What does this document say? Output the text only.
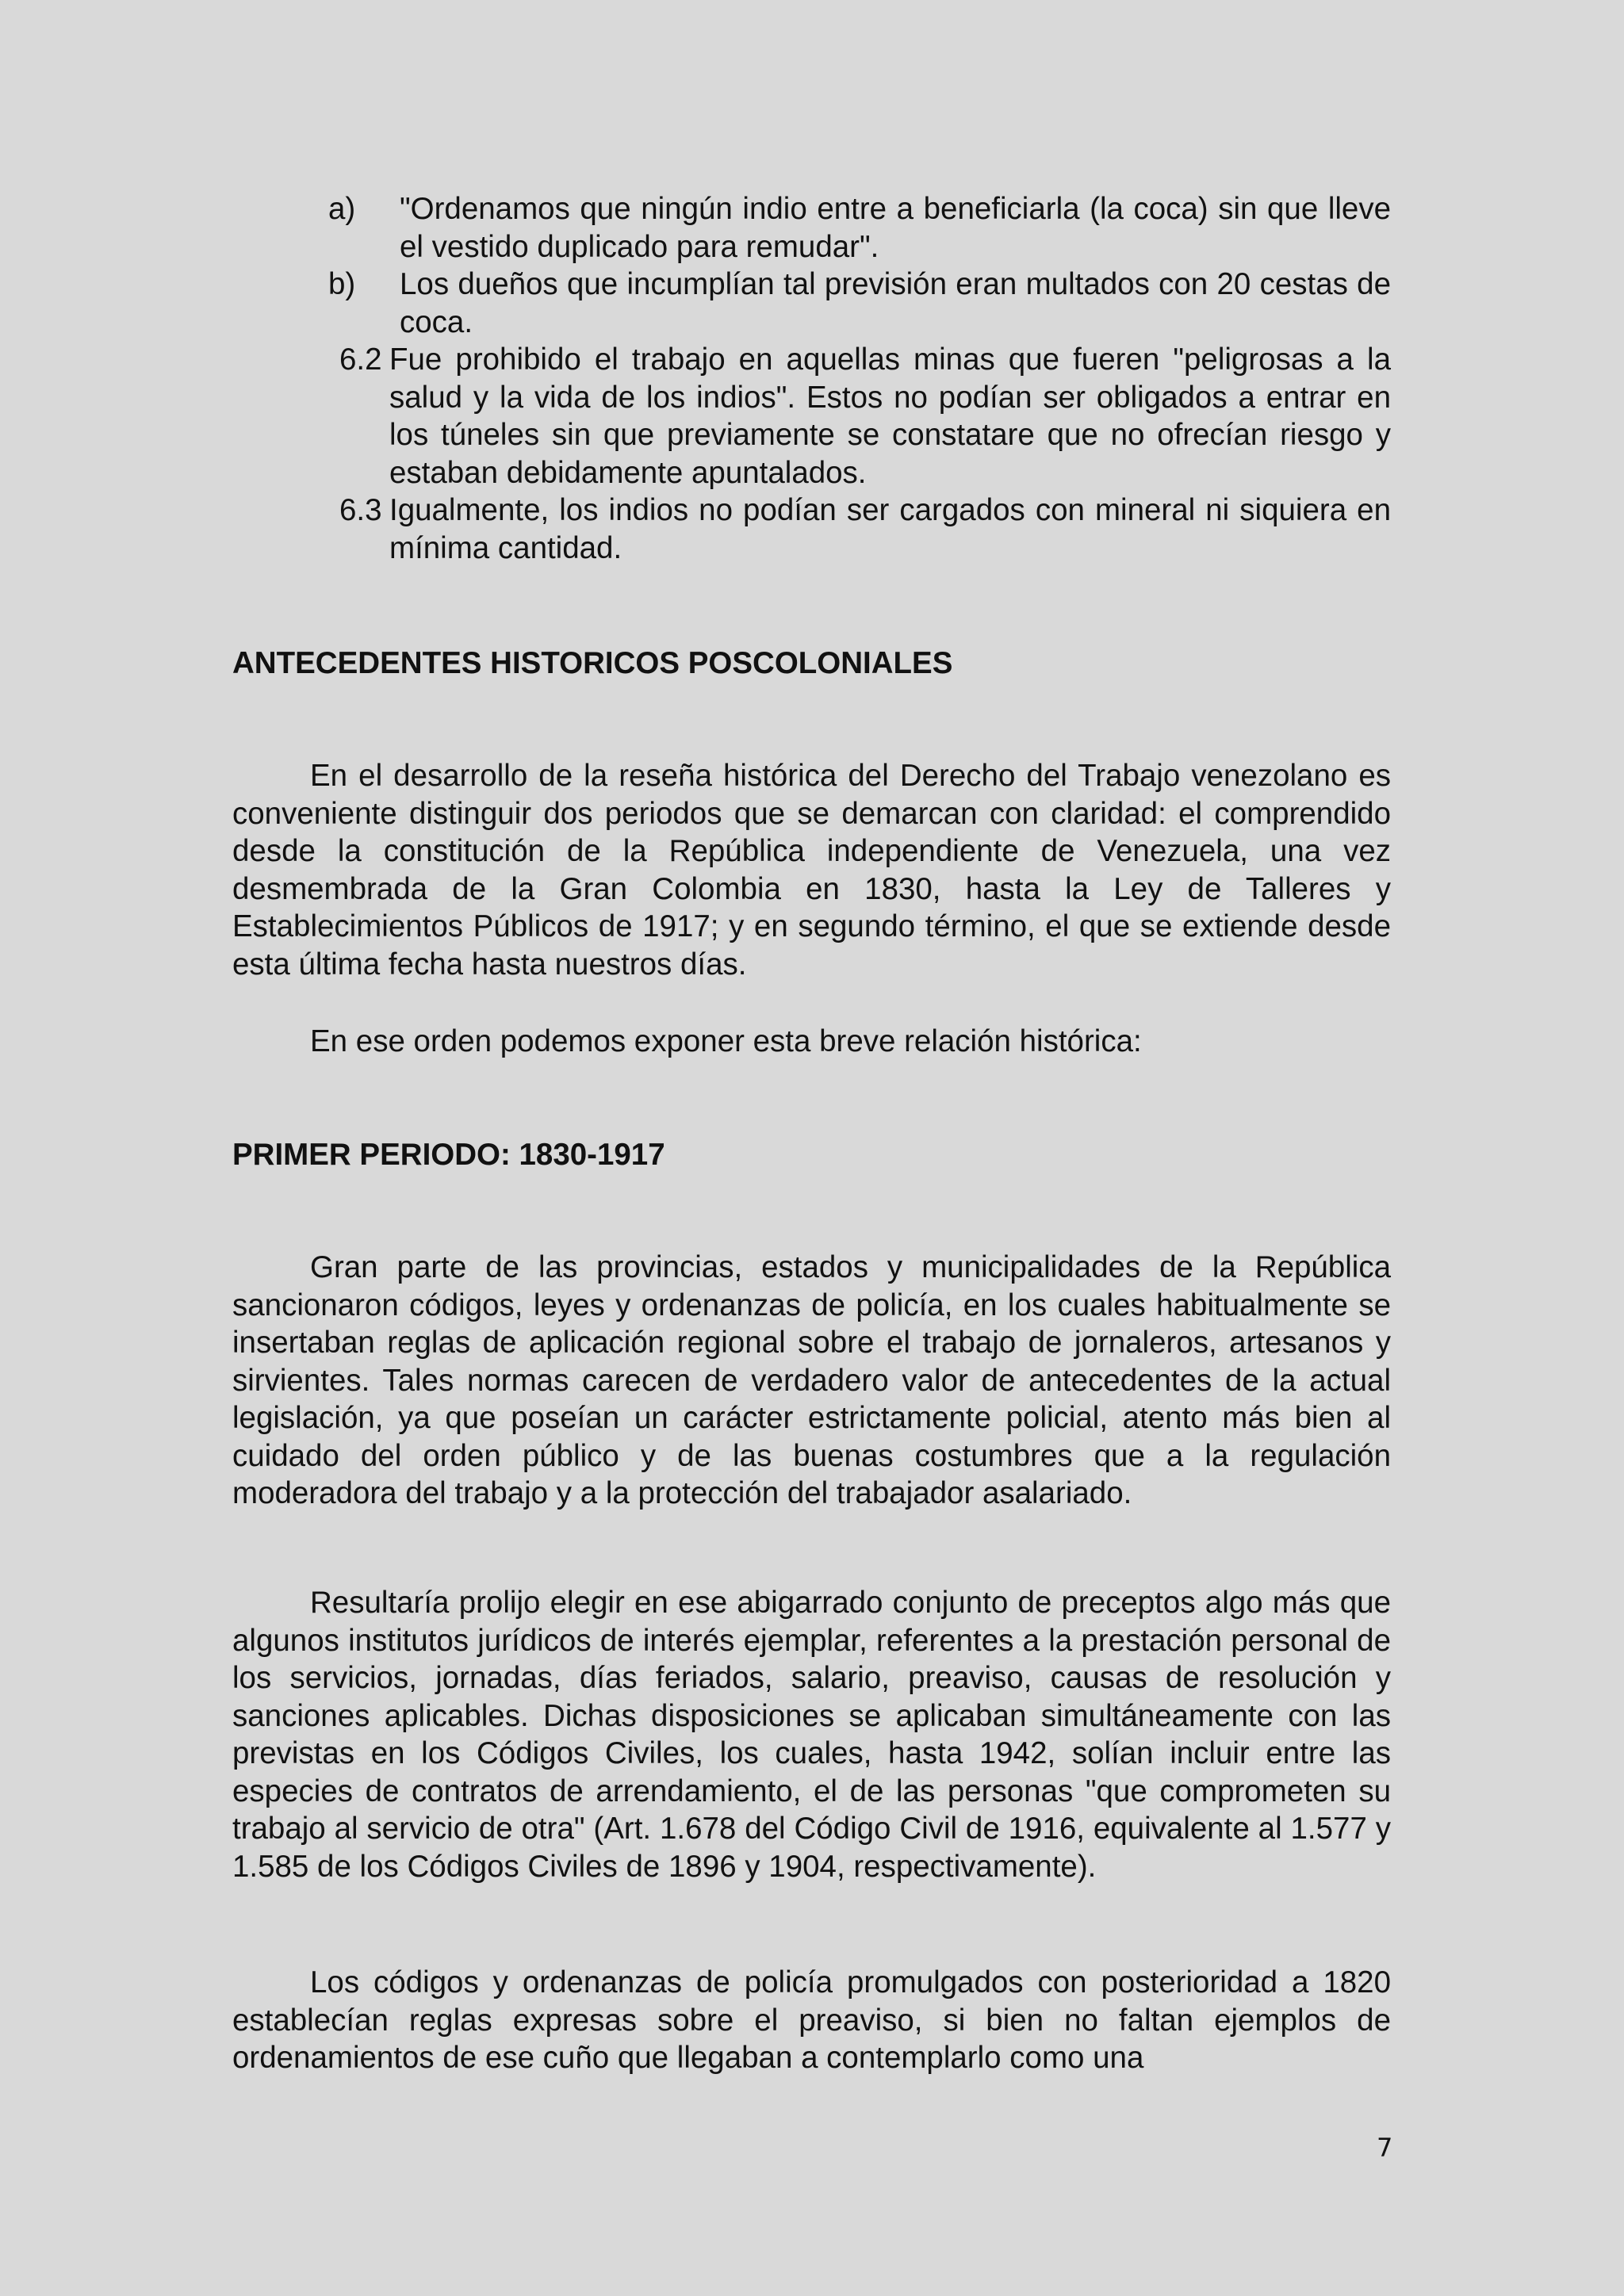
a) "Ordenamos que ningún indio entre a beneficiarla (la coca) sin que lleve el vestido duplicado para remudar".
b) Los dueños que incumplían tal previsión eran multados con 20 cestas de coca.
6.2 Fue prohibido el trabajo en aquellas minas que fueren "peligrosas a la salud y la vida de los indios". Estos no podían ser obligados a entrar en los túneles sin que previamente se constatare que no ofrecían riesgo y estaban debidamente apuntalados.
6.3 Igualmente, los indios no podían ser cargados con mineral ni siquiera en mínima cantidad.
ANTECEDENTES HISTORICOS POSCOLONIALES
En el desarrollo de la reseña histórica del Derecho del Trabajo venezolano es conveniente distinguir dos periodos que se demarcan con claridad: el comprendido desde la constitución de la República independiente de Venezuela, una vez desmembrada de la Gran Colombia en 1830, hasta la Ley de Talleres y Establecimientos Públicos de 1917; y en segundo término, el que se extiende desde esta última fecha hasta nuestros días.
En ese orden podemos exponer esta breve relación histórica:
PRIMER PERIODO: 1830-1917
Gran parte de las provincias, estados y municipalidades de la República sancionaron códigos, leyes y ordenanzas de policía, en los cuales habitualmente se insertaban reglas de aplicación regional sobre el trabajo de jornaleros, artesanos y sirvientes. Tales normas carecen de verdadero valor de antecedentes de la actual legislación, ya que poseían un carácter estrictamente policial, atento más bien al cuidado del orden público y de las buenas costumbres que a la regulación moderadora del trabajo y a la protección del trabajador asalariado.
Resultaría prolijo elegir en ese abigarrado conjunto de preceptos algo más que algunos institutos jurídicos de interés ejemplar, referentes a la prestación personal de los servicios, jornadas, días feriados, salario, preaviso, causas de resolución y sanciones aplicables. Dichas disposiciones se aplicaban simultáneamente con las previstas en los Códigos Civiles, los cuales, hasta 1942, solían incluir entre las especies de contratos de arrendamiento, el de las personas "que comprometen su trabajo al servicio de otra" (Art. 1.678 del Código Civil de 1916, equivalente al 1.577 y 1.585 de los Códigos Civiles de 1896 y 1904, respectivamente).
Los códigos y ordenanzas de policía promulgados con posterioridad a 1820 establecían reglas expresas sobre el preaviso, si bien no faltan ejemplos de ordenamientos de ese cuño que llegaban a contemplarlo como una
7
